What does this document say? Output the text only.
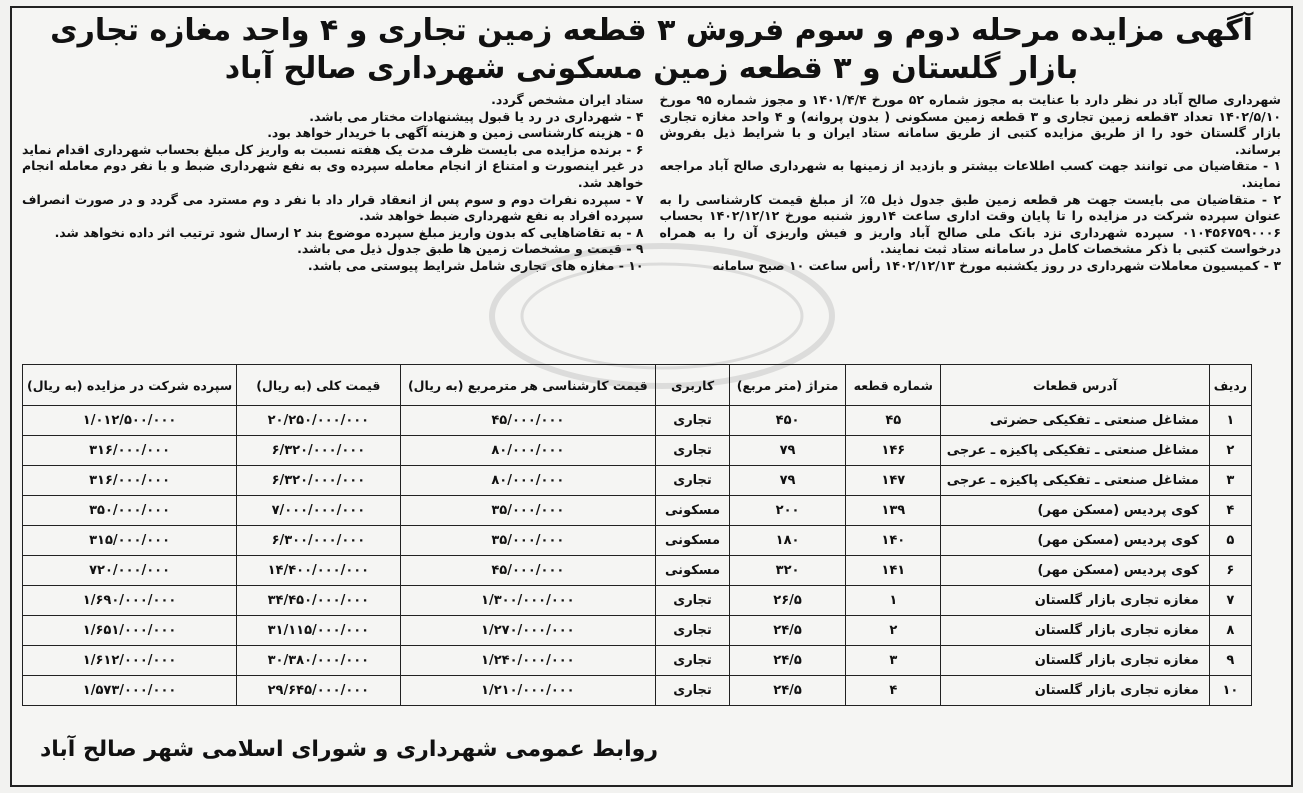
آگهی مزایده مرحله دوم و سوم فروش ۳ قطعه زمین تجاری و ۴ واحد مغازه تجاری
بازار گلستان و ۳ قطعه زمین مسکونی شهرداری صالح آباد

شهرداری صالح آباد در نظر دارد با عنایت به مجوز شماره ۵۲ مورخ ۱۴۰۱/۴/۴ و مجوز شماره ۹۵ مورخ ۱۴۰۲/۵/۱۰ تعداد ۳قطعه زمین تجاری و ۳ قطعه زمین مسکونی ( بدون پروانه) و ۴ واحد مغازه تجاری بازار گلستان خود را از طریق مزایده کتبی از طریق سامانه ستاد ایران و با شرایط ذیل بفروش برساند.

۱ - متقاضیان می توانند جهت کسب اطلاعات بیشتر و بازدید از زمینها به شهرداری صالح آباد مراجعه نمایند.

۲ - متقاضیان می بایست جهت هر قطعه زمین طبق جدول ذیل ۵٪ از مبلغ قیمت کارشناسی را به عنوان سپرده شرکت در مزایده را تا پایان وقت اداری ساعت ۱۴روز شنبه مورخ ۱۴۰۲/۱۲/۱۲ بحساب ۰۱۰۴۵۶۷۵۹۰۰۰۶ سپرده شهرداری نزد بانک ملی صالح آباد واریز و فیش واریزی آن را به همراه درخواست کتبی با ذکر مشخصات کامل در سامانه ستاد ثبت نمایند.

۳ - کمیسیون معاملات شهرداری در روز یکشنبه مورخ ۱۴۰۲/۱۲/۱۳ رأس ساعت ۱۰ صبح سامانه

ستاد ایران مشخص گردد.

۴ - شهرداری در رد یا قبول پیشنهادات مختار می باشد.

۵ - هزینه کارشناسی زمین و هزینه آگهی با خریدار خواهد بود.

۶ - برنده مزایده می بایست ظرف مدت یک هفته نسبت به واریز کل مبلغ بحساب شهرداری اقدام نماید در غیر اینصورت و امتناع از انجام معامله سپرده وی به نفع شهرداری ضبط و با نفر دوم معامله انجام خواهد شد.

۷ - سپرده نفرات دوم و سوم پس از انعقاد قرار داد با نفر د وم مسترد می گردد و در صورت انصراف سپرده افراد به نفع شهرداری ضبط خواهد شد.

۸ - به تقاضاهایی که بدون واریز مبلغ سپرده موضوع بند ۲ ارسال شود ترتیب اثر داده نخواهد شد.

۹ - قیمت و مشخصات زمین ها طبق جدول ذیل می باشد.

۱۰ - مغازه های تجاری شامل شرایط پیوستی می باشد.

ردیف	آدرس قطعات	شماره قطعه	متراژ (متر مربع)	کاربری	قیمت کارشناسی هر مترمربع (به ریال)	قیمت کلی (به ریال)	سپرده شرکت در مزایده (به ریال)
۱	مشاغل صنعتی ـ تفکیکی حضرتی	۴۵	۴۵۰	تجاری	۴۵/۰۰۰/۰۰۰	۲۰/۲۵۰/۰۰۰/۰۰۰	۱/۰۱۲/۵۰۰/۰۰۰
۲	مشاغل صنعتی ـ تفکیکی پاکیزه ـ عرجی	۱۴۶	۷۹	تجاری	۸۰/۰۰۰/۰۰۰	۶/۳۲۰/۰۰۰/۰۰۰	۳۱۶/۰۰۰/۰۰۰
۳	مشاغل صنعتی ـ تفکیکی پاکیزه ـ عرجی	۱۴۷	۷۹	تجاری	۸۰/۰۰۰/۰۰۰	۶/۳۲۰/۰۰۰/۰۰۰	۳۱۶/۰۰۰/۰۰۰
۴	کوی پردیس (مسکن مهر)	۱۳۹	۲۰۰	مسکونی	۳۵/۰۰۰/۰۰۰	۷/۰۰۰/۰۰۰/۰۰۰	۳۵۰/۰۰۰/۰۰۰
۵	کوی پردیس (مسکن مهر)	۱۴۰	۱۸۰	مسکونی	۳۵/۰۰۰/۰۰۰	۶/۳۰۰/۰۰۰/۰۰۰	۳۱۵/۰۰۰/۰۰۰
۶	کوی پردیس (مسکن مهر)	۱۴۱	۳۲۰	مسکونی	۴۵/۰۰۰/۰۰۰	۱۴/۴۰۰/۰۰۰/۰۰۰	۷۲۰/۰۰۰/۰۰۰
۷	مغازه تجاری بازار گلستان	۱	۲۶/۵	تجاری	۱/۳۰۰/۰۰۰/۰۰۰	۳۴/۴۵۰/۰۰۰/۰۰۰	۱/۶۹۰/۰۰۰/۰۰۰
۸	مغازه تجاری بازار گلستان	۲	۲۴/۵	تجاری	۱/۲۷۰/۰۰۰/۰۰۰	۳۱/۱۱۵/۰۰۰/۰۰۰	۱/۶۵۱/۰۰۰/۰۰۰
۹	مغازه تجاری بازار گلستان	۳	۲۴/۵	تجاری	۱/۲۴۰/۰۰۰/۰۰۰	۳۰/۳۸۰/۰۰۰/۰۰۰	۱/۶۱۲/۰۰۰/۰۰۰
۱۰	مغازه تجاری بازار گلستان	۴	۲۴/۵	تجاری	۱/۲۱۰/۰۰۰/۰۰۰	۲۹/۶۴۵/۰۰۰/۰۰۰	۱/۵۷۳/۰۰۰/۰۰۰
روابط عمومی شهرداری و شورای اسلامی شهر صالح آباد
